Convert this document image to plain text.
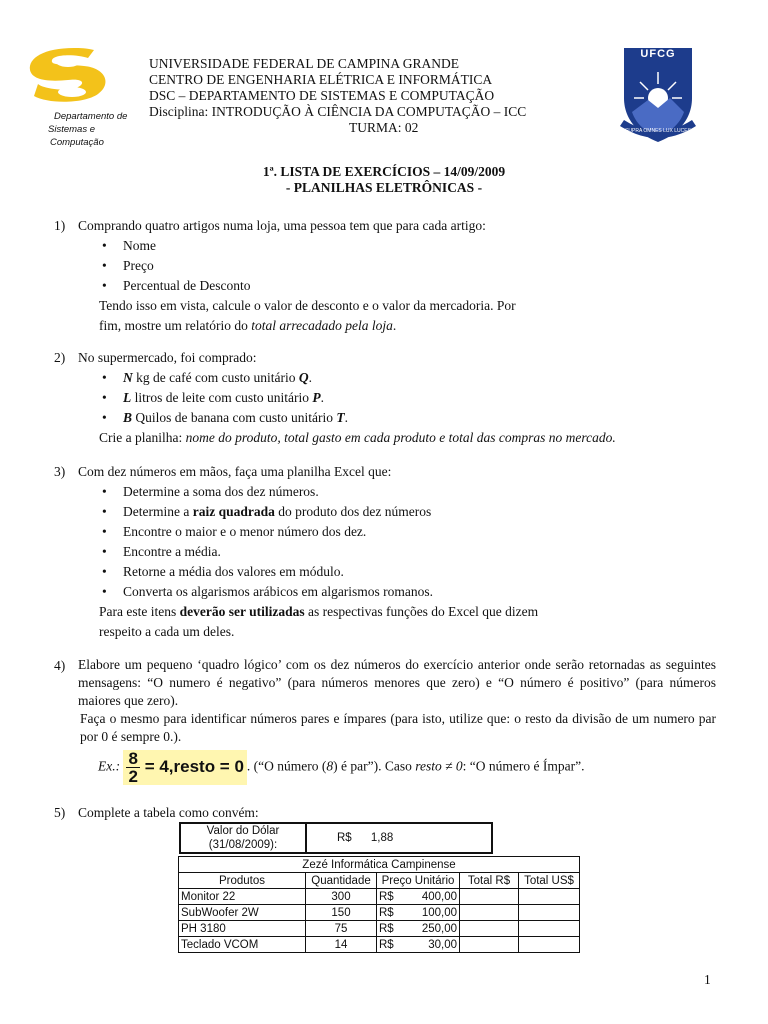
Departamento de
Sistemas e
Computação
UFCG
SUPRA OMNES LUX LUCES
UNIVERSIDADE FEDERAL DE CAMPINA GRANDE
CENTRO DE ENGENHARIA ELÉTRICA E INFORMÁTICA
DSC – DEPARTAMENTO DE SISTEMAS E COMPUTAÇÃO
Disciplina: INTRODUÇÃO À CIÊNCIA DA COMPUTAÇÃO – ICC
TURMA: 02
1ª. LISTA DE EXERCÍCIOS – 14/09/2009
- PLANILHAS ELETRÔNICAS -
1) Comprando quatro artigos numa loja, uma pessoa tem que para cada artigo:
• Nome
• Preço
• Percentual de Desconto
Tendo isso em vista, calcule o valor de desconto e o valor da mercadoria. Por
fim, mostre um relatório do total arrecadado pela loja.
2) No supermercado, foi comprado:
• N kg de café com custo unitário Q.
• L litros de leite com custo unitário P.
• B Quilos de banana com custo unitário T.
Crie a planilha: nome do produto, total gasto em cada produto e total das compras no mercado.
3) Com dez números em mãos, faça uma planilha Excel que:
• Determine a soma dos dez números.
• Determine a raiz quadrada do produto dos dez números
• Encontre o maior e o menor número dos dez.
• Encontre a média.
• Retorne a média dos valores em módulo.
• Converta os algarismos arábicos em algarismos romanos.
Para este itens deverão ser utilizadas as respectivas funções do Excel que dizem
respeito a cada um deles.
4) Elabore um pequeno ‘quadro lógico’ com os dez números do exercício anterior onde serão retornadas as seguintes mensagens: “O numero é negativo” (para números menores que zero) e “O número é positivo” (para números maiores que zero).
Faça o mesmo para identificar números pares e ímpares (para isto, utilize que: o resto da divisão de um numero par por 0 é sempre 0.).
Ex.: $\frac{8}{2}$ = 4,resto = 0 . (“O número (8) é par”). Caso resto ≠ 0: “O número é Ímpar”.
5) Complete a tabela como convém:
Valor do Dólar
(31/08/2009):
	R$ 1,88
Zezé Informática Campinense					
Produtos	Quantidade	Preço Unitário		Total R$	Total US$
Monitor 22	300	R$	400,00		
SubWoofer 2W	150	R$	100,00		
PH 3180	75	R$	250,00		
Teclado VCOM	14	R$	30,00		
1
